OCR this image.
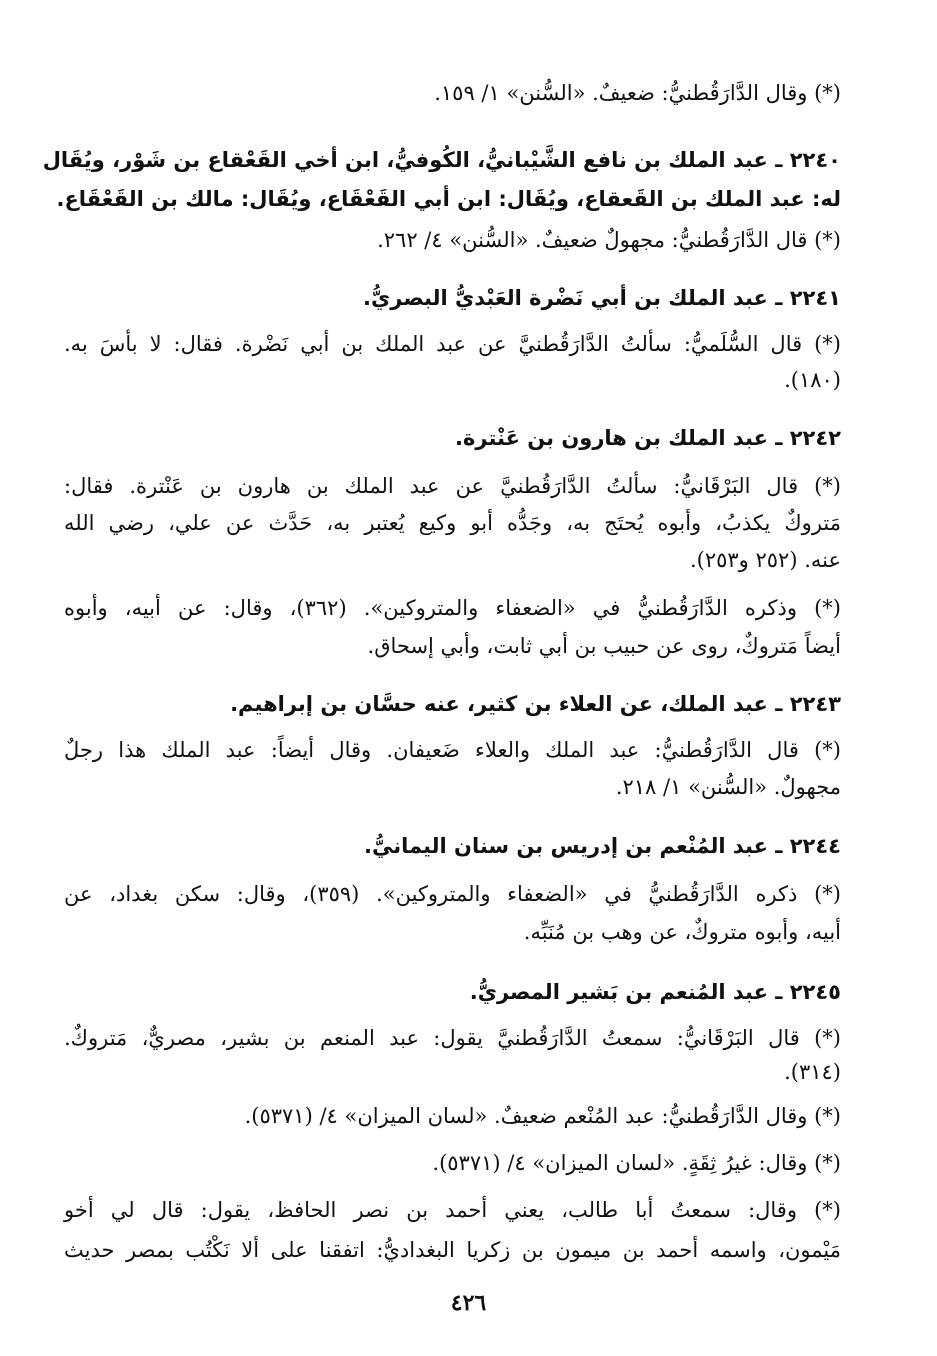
(*) وقال الدَّارَقُطنيُّ: ضعيفٌ. «السُّنن» ١/ ١٥٩.
٢٢٤٠ ـ عبد الملك بن نافع الشَّيْبانيُّ، الكُوفيُّ، ابن أخي القَعْقاع بن شَوْر، ويُقَال
له: عبد الملك بن القَعقاع، ويُقَال: ابن أبي القَعْقَاع، ويُقَال: مالك بن القَعْقَاع.
(*) قال الدَّارَقُطنيُّ: مجهولٌ ضعيفٌ. «السُّنن» ٤/ ٢٦٢.
٢٢٤١ ـ عبد الملك بن أبي نَضْرة العَبْديُّ البصريُّ.
(*) قال السُّلَميُّ: سألتُ الدَّارَقُطنيَّ عن عبد الملك بن أبي نَضْرة. فقال: لا بأسَ به.
(١٨٠).
٢٢٤٢ ـ عبد الملك بن هارون بن عَنْترة.
(*) قال البَرْقَانيُّ: سألتُ الدَّارَقُطنيَّ عن عبد الملك بن هارون بن عَنْترة. فقال:
مَتروكٌ يكذبُ، وأبوه يُحتَج به، وجَدُّه أبو وكيع يُعتبر به، حَدَّث عن علي، رضي الله
عنه. (٢٥٢ و٢٥٣).
(*) وذكره الدَّارَقُطنيُّ في «الضعفاء والمتروكين». (٣٦٢)، وقال: عن أبيه، وأبوه
أيضاً مَتروكٌ، روى عن حبيب بن أبي ثابت، وأبي إسحاق.
٢٢٤٣ ـ عبد الملك، عن العلاء بن كثير، عنه حسَّان بن إبراهيم.
(*) قال الدَّارَقُطنيُّ: عبد الملك والعلاء ضَعيفان. وقال أيضاً: عبد الملك هذا رجلٌ
مجهولٌ. «السُّنن» ١/ ٢١٨.
٢٢٤٤ ـ عبد المُنْعم بن إدريس بن سنان اليمانيُّ.
(*) ذكره الدَّارَقُطنيُّ في «الضعفاء والمتروكين». (٣٥٩)، وقال: سكن بغداد، عن
أبيه، وأبوه متروكٌ، عن وهب بن مُنَبِّه.
٢٢٤٥ ـ عبد المُنعم بن بَشير المصريُّ.
(*) قال البَرْقَانيُّ: سمعتُ الدَّارَقُطنيَّ يقول: عبد المنعم بن بشير، مصريٌّ، مَتروكٌ.
(٣١٤).
(*) وقال الدَّارَقُطنيُّ: عبد المُنْعم ضعيفٌ. «لسان الميزان» ٤/ (٥٣٧١).
(*) وقال: غيرُ ثِقَةٍ. «لسان الميزان» ٤/ (٥٣٧١).
(*) وقال: سمعتُ أبا طالب، يعني أحمد بن نصر الحافظ، يقول: قال لي أخو
مَيْمون، واسمه أحمد بن ميمون بن زكريا البغداديُّ: اتفقنا على ألا نَكْتُب بمصر حديث
٤٢٦
